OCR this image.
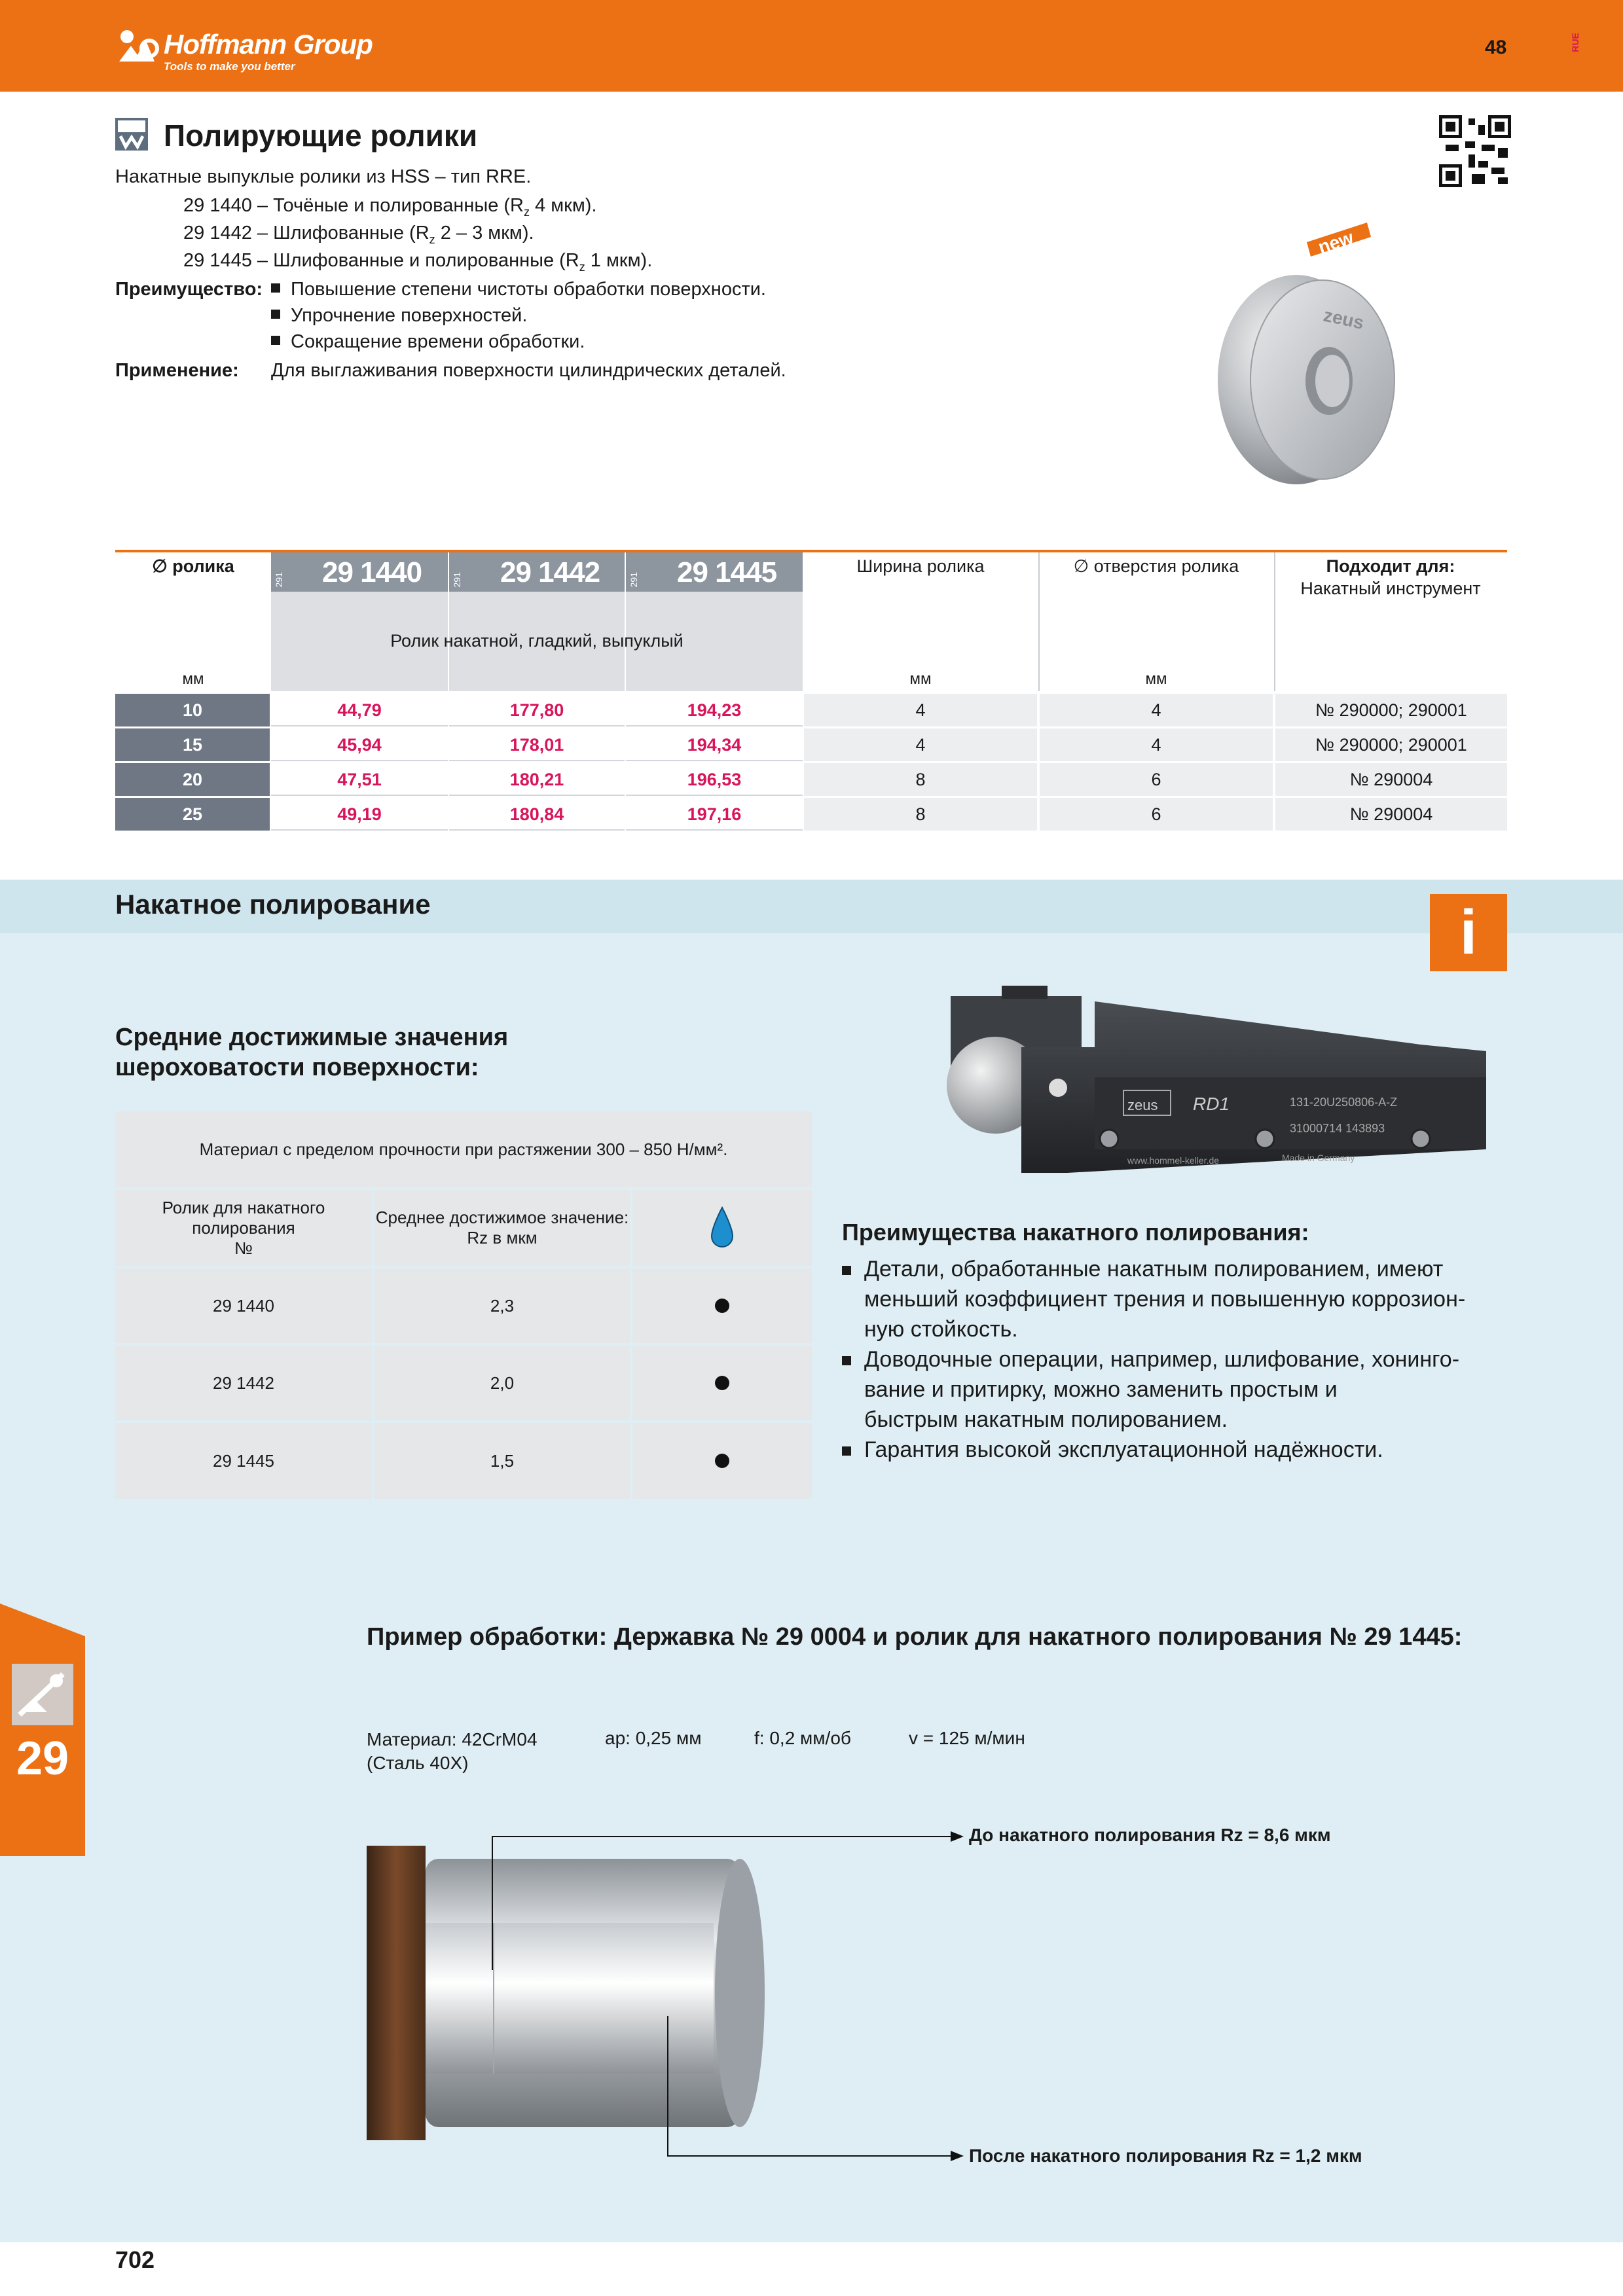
Hoffmann Group
Tools to make you better
48	RUE
Полирующие ролики
Накатные выпуклые ролики из HSS – тип RRE.
29 1440 – Точёные и полированные ($R_z$ 4 мкм).
29 1442 – Шлифованные ($R_z$ 2 – 3 мкм).
29 1445 – Шлифованные и полированные ($R_z$ 1 мкм).
Преимущество:	Повышение степени чистоты обработки поверхности.
Упрочнение поверхностей.
Сокращение времени обработки.
Применение: Для выглаживания поверхности цилиндрических деталей.
zeus
new
∅ ролика
291 29 1440	291 29 1442	291 29 1445
Ролик накатной, гладкий, выпуклый
Ширина ролика	∅ отверстия ролика	Подходит для:
Накатный инструмент
мм	мм	мм
10	44,79	177,80	194,23	4	4	№ 290000; 290001
15	45,94	178,01	194,34	4	4	№ 290000; 290001
20	47,51	180,21	196,53	8	6	№ 290004
25	49,19	180,84	197,16	8	6	№ 290004
Накатное полирование	i
Средние достижимые значения
шероховатости поверхности:
Материал с пределом прочности при растяжении 300 – 850 Н/мм².
Ролик для накатного полирования
№
Среднее достижимое значение:
Rz в мкм
29 1440	2,3
29 1442	2,0
29 1445	1,5
zeus RD1	131-20U250806-A-Z
31000714 143893
www.hommel-keller.de	Made in Germany
Преимущества накатного полирования:
Детали, обработанные накатным полированием, имеют
меньший коэффициент трения и повышенную коррозион-
ную стойкость.
Доводочные операции, например, шлифование, хонинго-
вание и притирку, можно заменить простым и
быстрым накатным полированием.
Гарантия высокой эксплуатационной надёжности.
29
Пример обработки: Державка № 29 0004 и ролик для накатного полирования № 29 1445:
Материал: 42CrM04
(Сталь 40X)
ap: 0,25 мм	f: 0,2 мм/об	v = 125 м/мин
До накатного полирования Rz = 8,6 мкм
После накатного полирования Rz = 1,2 мкм
702
